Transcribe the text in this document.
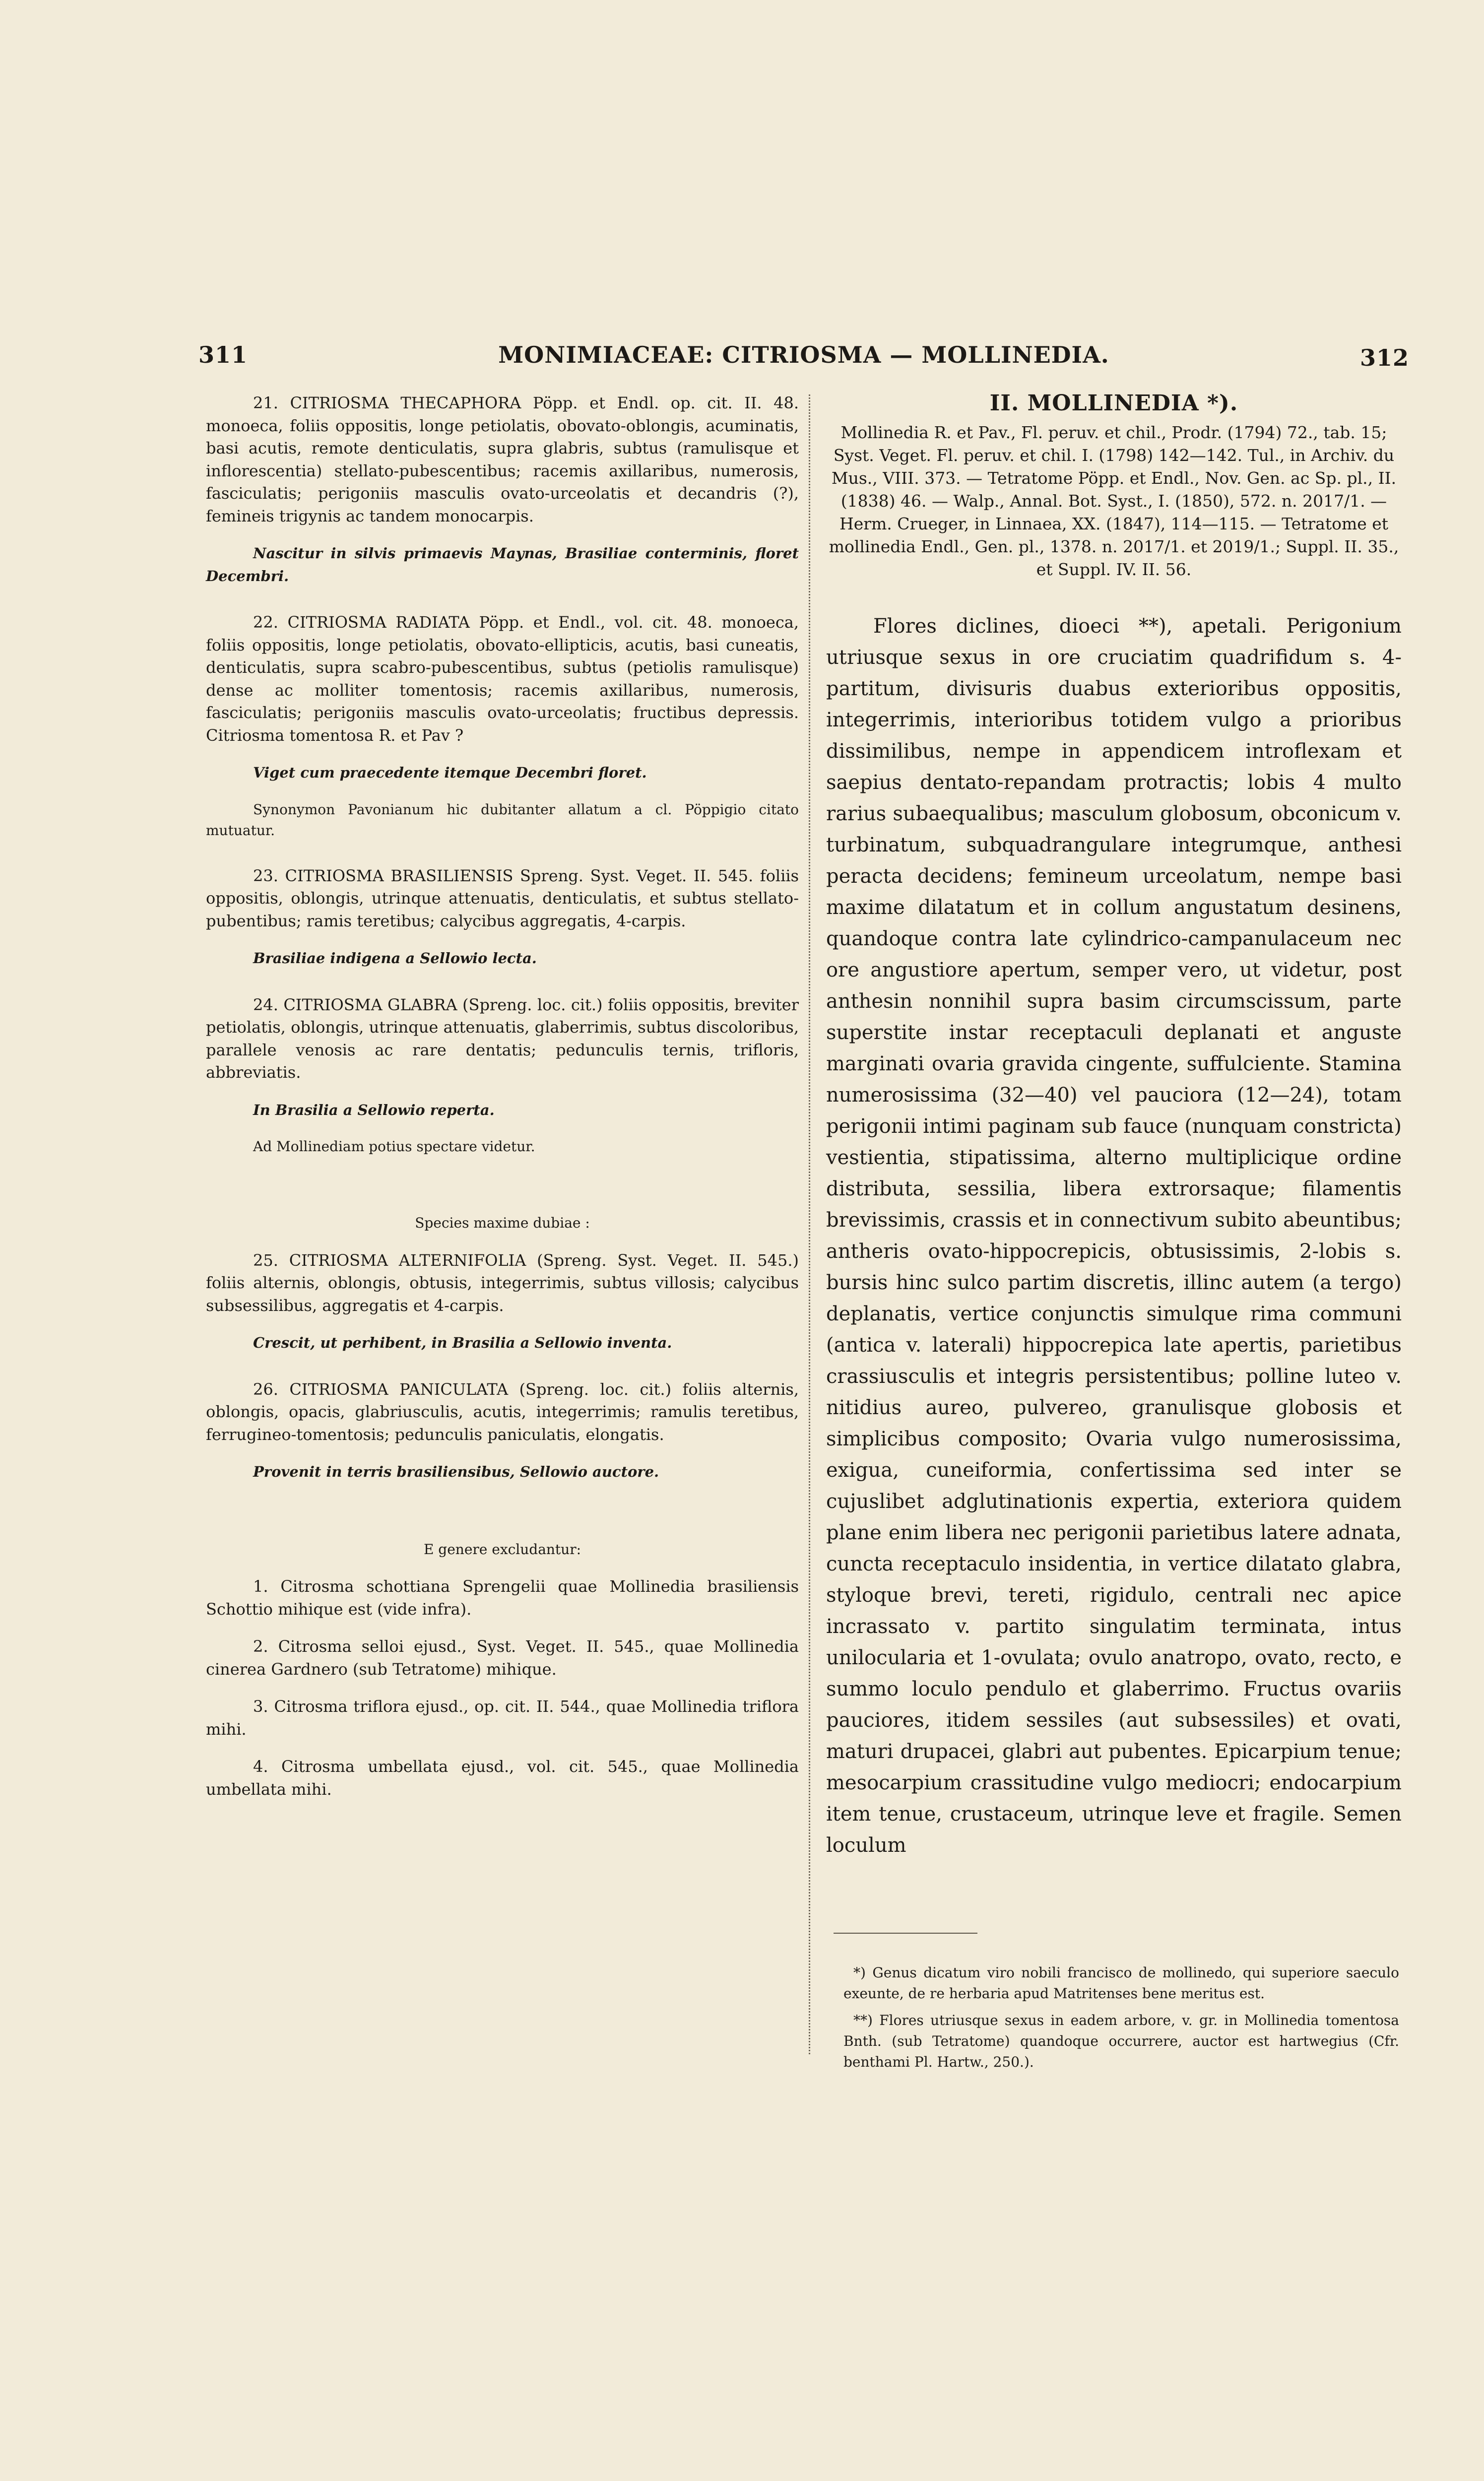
311	MONIMIACEAE: CITRIOSMA — MOLLINEDIA.	312

21. CITRIOSMA THECAPHORA Pöpp. et Endl. op. cit. II. 48. monoeca, foliis oppositis, longe petiolatis, obovato-oblongis, acuminatis, basi acutis, remote denticulatis, supra glabris, subtus (ramulisque et inflorescentia) stellato-pubescentibus; racemis axillaribus, numerosis, fasciculatis; perigoniis masculis ovato-urceolatis et decandris (?), femineis trigynis ac tandem monocarpis.

Nascitur in silvis primaevis Maynas, Brasiliae conterminis, floret Decembri.

22. CITRIOSMA RADIATA Pöpp. et Endl., vol. cit. 48. monoeca, foliis oppositis, longe petiolatis, obovato-ellipticis, acutis, basi cuneatis, denticulatis, supra scabro-pubescentibus, subtus (petiolis ramulisque) dense ac molliter tomentosis; racemis axillaribus, numerosis, fasciculatis; perigoniis masculis ovato-urceolatis; fructibus depressis. Citriosma tomentosa R. et Pav ?

Viget cum praecedente itemque Decembri floret.

Synonymon Pavonianum hic dubitanter allatum a cl. Pöppigio citato mutuatur.

23. CITRIOSMA BRASILIENSIS Spreng. Syst. Veget. II. 545. foliis oppositis, oblongis, utrinque attenuatis, denticulatis, et subtus stellato-pubentibus; ramis teretibus; calycibus aggregatis, 4-carpis.

Brasiliae indigena a Sellowio lecta.

24. CITRIOSMA GLABRA (Spreng. loc. cit.) foliis oppositis, breviter petiolatis, oblongis, utrinque attenuatis, glaberrimis, subtus discoloribus, parallele venosis ac rare dentatis; pedunculis ternis, trifloris, abbreviatis.

In Brasilia a Sellowio reperta.

Ad Mollinediam potius spectare videtur.

Species maxime dubiae :

25. CITRIOSMA ALTERNIFOLIA (Spreng. Syst. Veget. II. 545.) foliis alternis, oblongis, obtusis, integerrimis, subtus villosis; calycibus subsessilibus, aggregatis et 4-carpis.

Crescit, ut perhibent, in Brasilia a Sellowio inventa.

26. CITRIOSMA PANICULATA (Spreng. loc. cit.) foliis alternis, oblongis, opacis, glabriusculis, acutis, integerrimis; ramulis teretibus, ferrugineo-tomentosis; pedunculis paniculatis, elongatis.

Provenit in terris brasiliensibus, Sellowio auctore.

E genere excludantur:

1. Citrosma schottiana Sprengelii quae Mollinedia brasiliensis Schottio mihique est (vide infra).

2. Citrosma selloi ejusd., Syst. Veget. II. 545., quae Mollinedia cinerea Gardnero (sub Tetratome) mihique.

3. Citrosma triflora ejusd., op. cit. II. 544., quae Mollinedia triflora mihi.

4. Citrosma umbellata ejusd., vol. cit. 545., quae Mollinedia umbellata mihi.

II. MOLLINEDIA *).

Mollinedia R. et Pav., Fl. peruv. et chil., Prodr. (1794) 72., tab. 15; Syst. Veget. Fl. peruv. et chil. I. (1798) 142—142. Tul., in Archiv. du Mus., VIII. 373. — Tetratome Pöpp. et Endl., Nov. Gen. ac Sp. pl., II. (1838) 46. — Walp., Annal. Bot. Syst., I. (1850), 572. n. 2017/1. — Herm. Crueger, in Linnaea, XX. (1847), 114—115. — Tetratome et mollinedia Endl., Gen. pl., 1378. n. 2017/1. et 2019/1.; Suppl. II. 35., et Suppl. IV. II. 56.

Flores diclines, dioeci **), apetali. Perigonium utriusque sexus in ore cruciatim quadrifidum s. 4-partitum, divisuris duabus exterioribus oppositis, integerrimis, interioribus totidem vulgo a prioribus dissimilibus, nempe in appendicem introflexam et saepius dentato-repandam protractis; lobis 4 multo rarius subaequalibus; masculum globosum, obconicum v. turbinatum, subquadrangulare integrumque, anthesi peracta decidens; femineum urceolatum, nempe basi maxime dilatatum et in collum angustatum desinens, quandoque contra late cylindrico-campanulaceum nec ore angustiore apertum, semper vero, ut videtur, post anthesin nonnihil supra basim circumscissum, parte superstite instar receptaculi deplanati et anguste marginati ovaria gravida cingente, suffulciente. Stamina numerosissima (32—40) vel pauciora (12—24), totam perigonii intimi paginam sub fauce (nunquam constricta) vestientia, stipatissima, alterno multiplicique ordine distributa, sessilia, libera extrorsaque; filamentis brevissimis, crassis et in connectivum subito abeuntibus; antheris ovato-hippocrepicis, obtusissimis, 2-lobis s. bursis hinc sulco partim discretis, illinc autem (a tergo) deplanatis, vertice conjunctis simulque rima communi (antica v. laterali) hippocrepica late apertis, parietibus crassiusculis et integris persistentibus; polline luteo v. nitidius aureo, pulvereo, granulisque globosis et simplicibus composito; Ovaria vulgo numerosissima, exigua, cuneiformia, confertissima sed inter se cujuslibet adglutinationis expertia, exteriora quidem plane enim libera nec perigonii parietibus latere adnata, cuncta receptaculo insidentia, in vertice dilatato glabra, styloque brevi, tereti, rigidulo, centrali nec apice incrassato v. partito singulatim terminata, intus unilocularia et 1-ovulata; ovulo anatropo, ovato, recto, e summo loculo pendulo et glaberrimo. Fructus ovariis pauciores, itidem sessiles (aut subsessiles) et ovati, maturi drupacei, glabri aut pubentes. Epicarpium tenue; mesocarpium crassitudine vulgo mediocri; endocarpium item tenue, crustaceum, utrinque leve et fragile. Semen loculum

*) Genus dicatum viro nobili francisco de mollinedo, qui superiore saeculo exeunte, de re herbaria apud Matritenses bene meritus est.

**) Flores utriusque sexus in eadem arbore, v. gr. in Mollinedia tomentosa Bnth. (sub Tetratome) quandoque occurrere, auctor est hartwegius (Cfr. benthami Pl. Hartw., 250.).
